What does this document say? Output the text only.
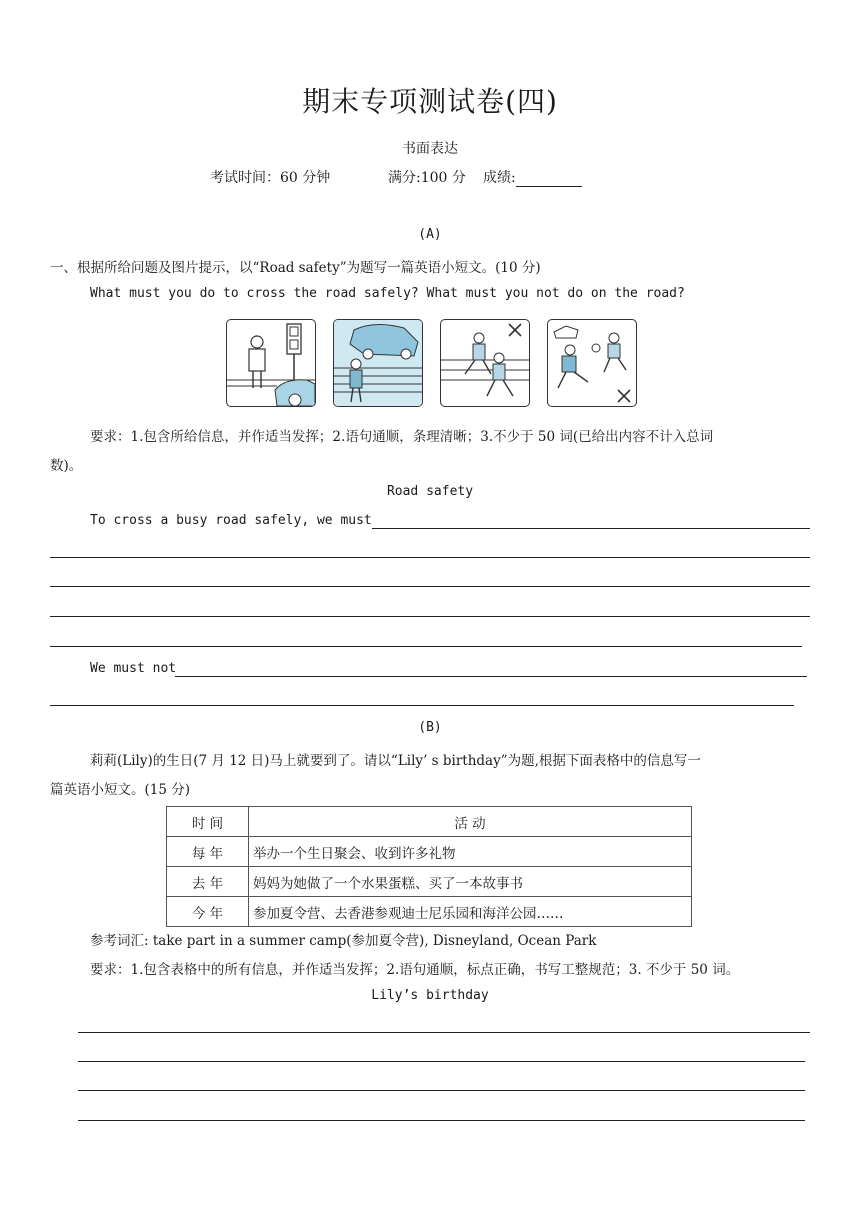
期末专项测试卷(四)
书面表达
考试时间：60 分钟	满分:100 分 成绩:
(A)
一、根据所给问题及图片提示，以“Road safety”为题写一篇英语小短文。(10 分)
What must you do to cross the road safely? What must you not do on the road?
要求：1.包含所给信息，并作适当发挥；2.语句通顺，条理清晰；3.不少于 50 词(已给出内容不计入总词
数)。
Road safety
To cross a busy road safely, we must
We must not
(B)
莉莉(Lily)的生日(7 月 12 日)马上就要到了。请以“Lily’ s birthday”为题,根据下面表格中的信息写一
篇英语小短文。(15 分)
时 间	活 动
每 年	举办一个生日聚会、收到许多礼物
去 年	妈妈为她做了一个水果蛋糕、买了一本故事书
今 年	参加夏令营、去香港参观迪士尼乐园和海洋公园……
参考词汇: take part in a summer camp(参加夏令营), Disneyland, Ocean Park
要求：1.包含表格中的所有信息，并作适当发挥；2.语句通顺，标点正确，书写工整规范；3. 不少于 50 词。
Lily’s birthday
